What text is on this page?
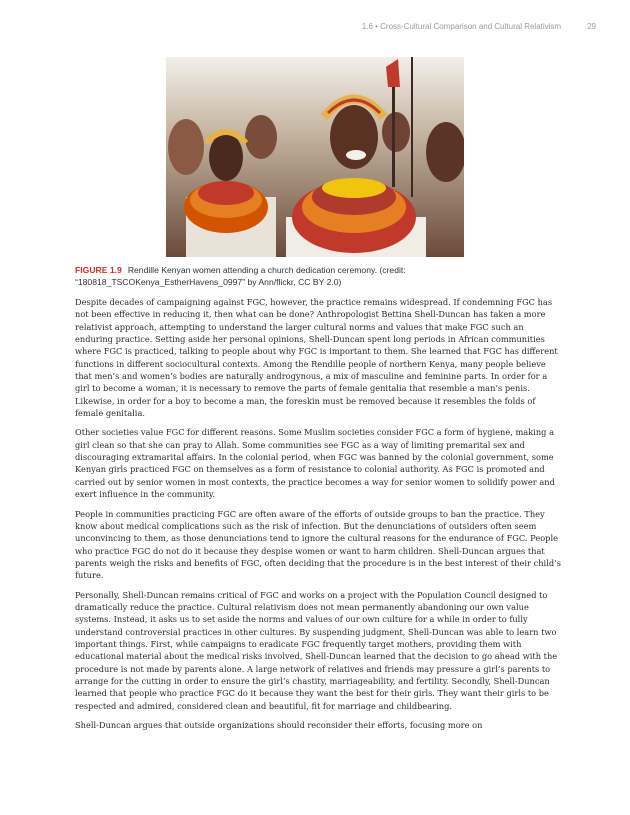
1.6 • Cross-Cultural Comparison and Cultural Relativism	29
FIGURE 1.9 Rendille Kenyan women attending a church dedication ceremony. (credit: “180818_TSCOKenya_EstherHavens_0997” by Ann/flickr, CC BY 2.0)

Despite decades of campaigning against FGC, however, the practice remains widespread. If condemning FGC has not been effective in reducing it, then what can be done? Anthropologist Bettina Shell-Duncan has taken a more relativist approach, attempting to understand the larger cultural norms and values that make FGC such an enduring practice. Setting aside her personal opinions, Shell-Duncan spent long periods in African communities where FGC is practiced, talking to people about why FGC is important to them. She learned that FGC has different functions in different sociocultural contexts. Among the Rendille people of northern Kenya, many people believe that men’s and women’s bodies are naturally androgynous, a mix of masculine and feminine parts. In order for a girl to become a woman, it is necessary to remove the parts of female genitalia that resemble a man’s penis. Likewise, in order for a boy to become a man, the foreskin must be removed because it resembles the folds of female genitalia.

Other societies value FGC for different reasons. Some Muslim societies consider FGC a form of hygiene, making a girl clean so that she can pray to Allah. Some communities see FGC as a way of limiting premarital sex and discouraging extramarital affairs. In the colonial period, when FGC was banned by the colonial government, some Kenyan girls practiced FGC on themselves as a form of resistance to colonial authority. As FGC is promoted and carried out by senior women in most contexts, the practice becomes a way for senior women to solidify power and exert influence in the community.

People in communities practicing FGC are often aware of the efforts of outside groups to ban the practice. They know about medical complications such as the risk of infection. But the denunciations of outsiders often seem unconvincing to them, as those denunciations tend to ignore the cultural reasons for the endurance of FGC. People who practice FGC do not do it because they despise women or want to harm children. Shell-Duncan argues that parents weigh the risks and benefits of FGC, often deciding that the procedure is in the best interest of their child’s future.

Personally, Shell-Duncan remains critical of FGC and works on a project with the Population Council designed to dramatically reduce the practice. Cultural relativism does not mean permanently abandoning our own value systems. Instead, it asks us to set aside the norms and values of our own culture for a while in order to fully understand controversial practices in other cultures. By suspending judgment, Shell-Duncan was able to learn two important things. First, while campaigns to eradicate FGC frequently target mothers, providing them with educational material about the medical risks involved, Shell-Duncan learned that the decision to go ahead with the procedure is not made by parents alone. A large network of relatives and friends may pressure a girl’s parents to arrange for the cutting in order to ensure the girl’s chastity, marriageability, and fertility. Secondly, Shell-Duncan learned that people who practice FGC do it because they want the best for their girls. They want their girls to be respected and admired, considered clean and beautiful, fit for marriage and childbearing.

Shell-Duncan argues that outside organizations should reconsider their efforts, focusing more on
